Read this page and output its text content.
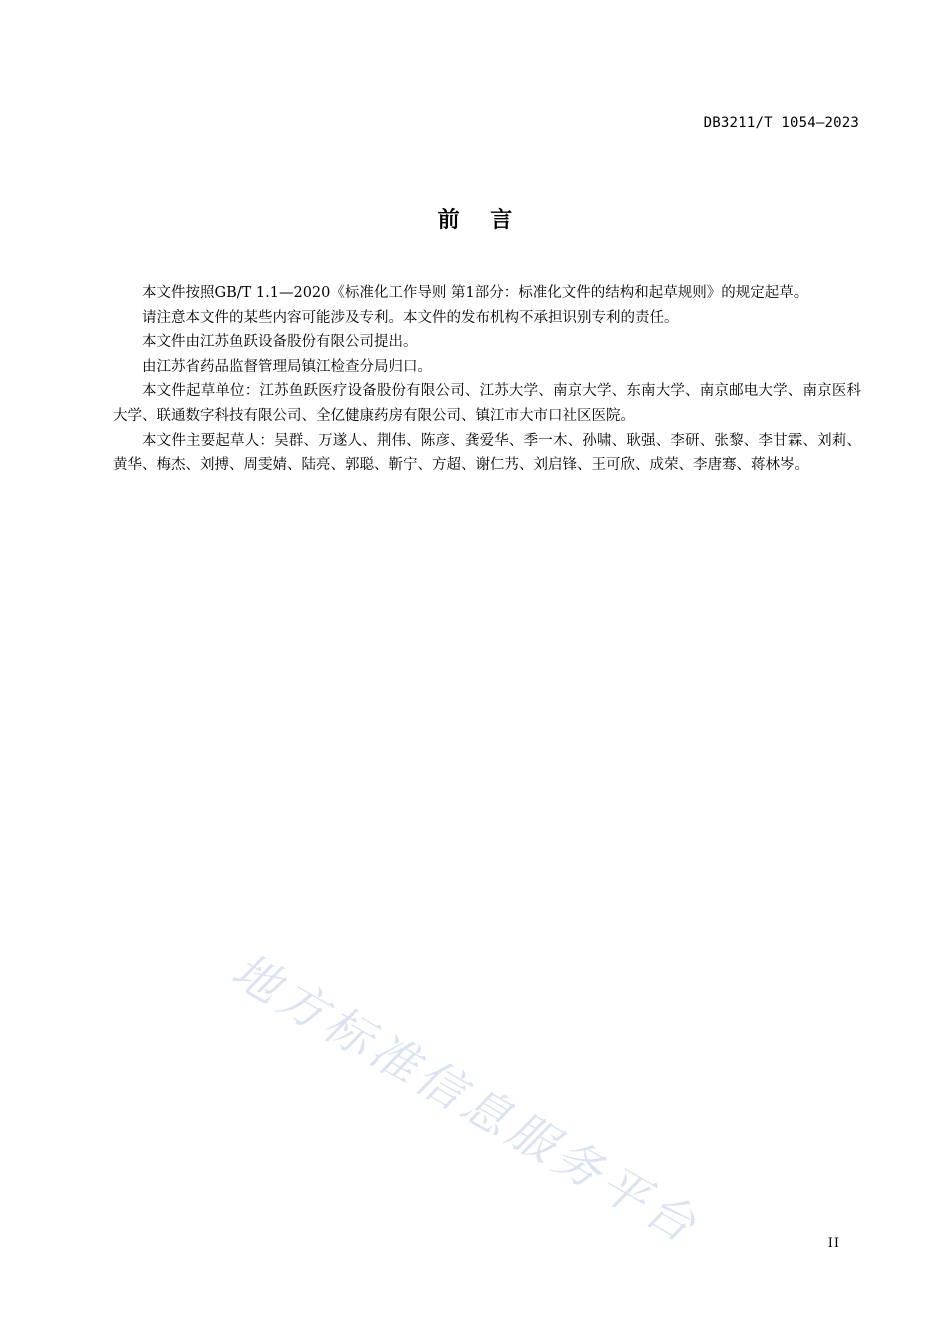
DB3211/T 1054—2023
前    言

本文件按照GB/T 1.1—2020《标准化工作导则 第1部分：标准化文件的结构和起草规则》的规定起草。

请注意本文件的某些内容可能涉及专利。本文件的发布机构不承担识别专利的责任。

本文件由江苏鱼跃设备股份有限公司提出。

由江苏省药品监督管理局镇江检查分局归口。

本文件起草单位：江苏鱼跃医疗设备股份有限公司、江苏大学、南京大学、东南大学、南京邮电大学、南京医科大学、联通数字科技有限公司、全亿健康药房有限公司、镇江市大市口社区医院。

本文件主要起草人：吴群、万遂人、荆伟、陈彦、龚爱华、季一木、孙啸、耿强、李研、张黎、李甘霖、刘莉、黄华、梅杰、刘搏、周雯婧、陆亮、郭聪、靳宁、方超、谢仁艿、刘启锋、王可欣、成荣、李唐骞、蒋林岑。

地方标准信息服务平台	II
